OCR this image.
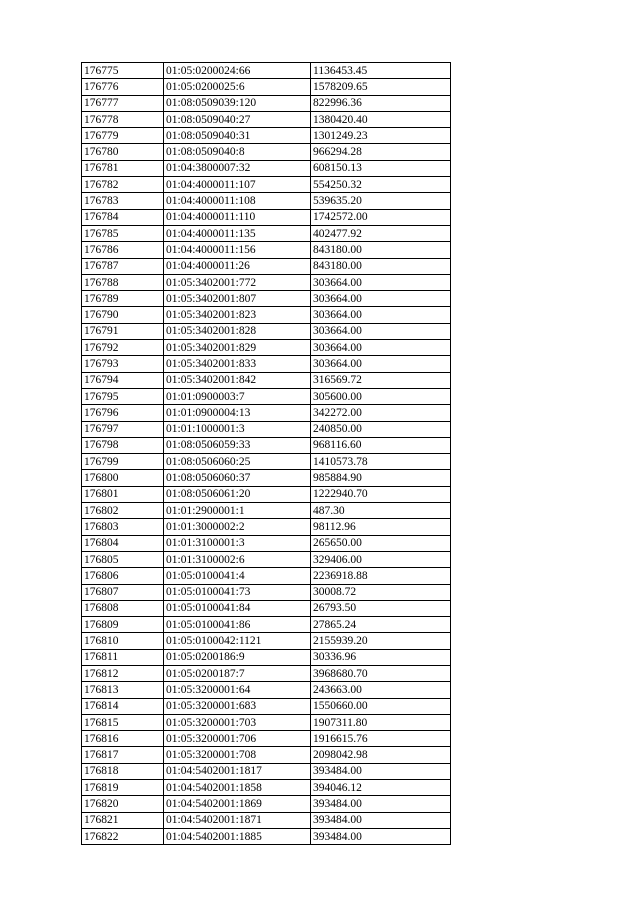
176775	01:05:0200024:66	1136453.45
176776	01:05:0200025:6	1578209.65
176777	01:08:0509039:120	822996.36
176778	01:08:0509040:27	1380420.40
176779	01:08:0509040:31	1301249.23
176780	01:08:0509040:8	966294.28
176781	01:04:3800007:32	608150.13
176782	01:04:4000011:107	554250.32
176783	01:04:4000011:108	539635.20
176784	01:04:4000011:110	1742572.00
176785	01:04:4000011:135	402477.92
176786	01:04:4000011:156	843180.00
176787	01:04:4000011:26	843180.00
176788	01:05:3402001:772	303664.00
176789	01:05:3402001:807	303664.00
176790	01:05:3402001:823	303664.00
176791	01:05:3402001:828	303664.00
176792	01:05:3402001:829	303664.00
176793	01:05:3402001:833	303664.00
176794	01:05:3402001:842	316569.72
176795	01:01:0900003:7	305600.00
176796	01:01:0900004:13	342272.00
176797	01:01:1000001:3	240850.00
176798	01:08:0506059:33	968116.60
176799	01:08:0506060:25	1410573.78
176800	01:08:0506060:37	985884.90
176801	01:08:0506061:20	1222940.70
176802	01:01:2900001:1	487.30
176803	01:01:3000002:2	98112.96
176804	01:01:3100001:3	265650.00
176805	01:01:3100002:6	329406.00
176806	01:05:0100041:4	2236918.88
176807	01:05:0100041:73	30008.72
176808	01:05:0100041:84	26793.50
176809	01:05:0100041:86	27865.24
176810	01:05:0100042:1121	2155939.20
176811	01:05:0200186:9	30336.96
176812	01:05:0200187:7	3968680.70
176813	01:05:3200001:64	243663.00
176814	01:05:3200001:683	1550660.00
176815	01:05:3200001:703	1907311.80
176816	01:05:3200001:706	1916615.76
176817	01:05:3200001:708	2098042.98
176818	01:04:5402001:1817	393484.00
176819	01:04:5402001:1858	394046.12
176820	01:04:5402001:1869	393484.00
176821	01:04:5402001:1871	393484.00
176822	01:04:5402001:1885	393484.00
